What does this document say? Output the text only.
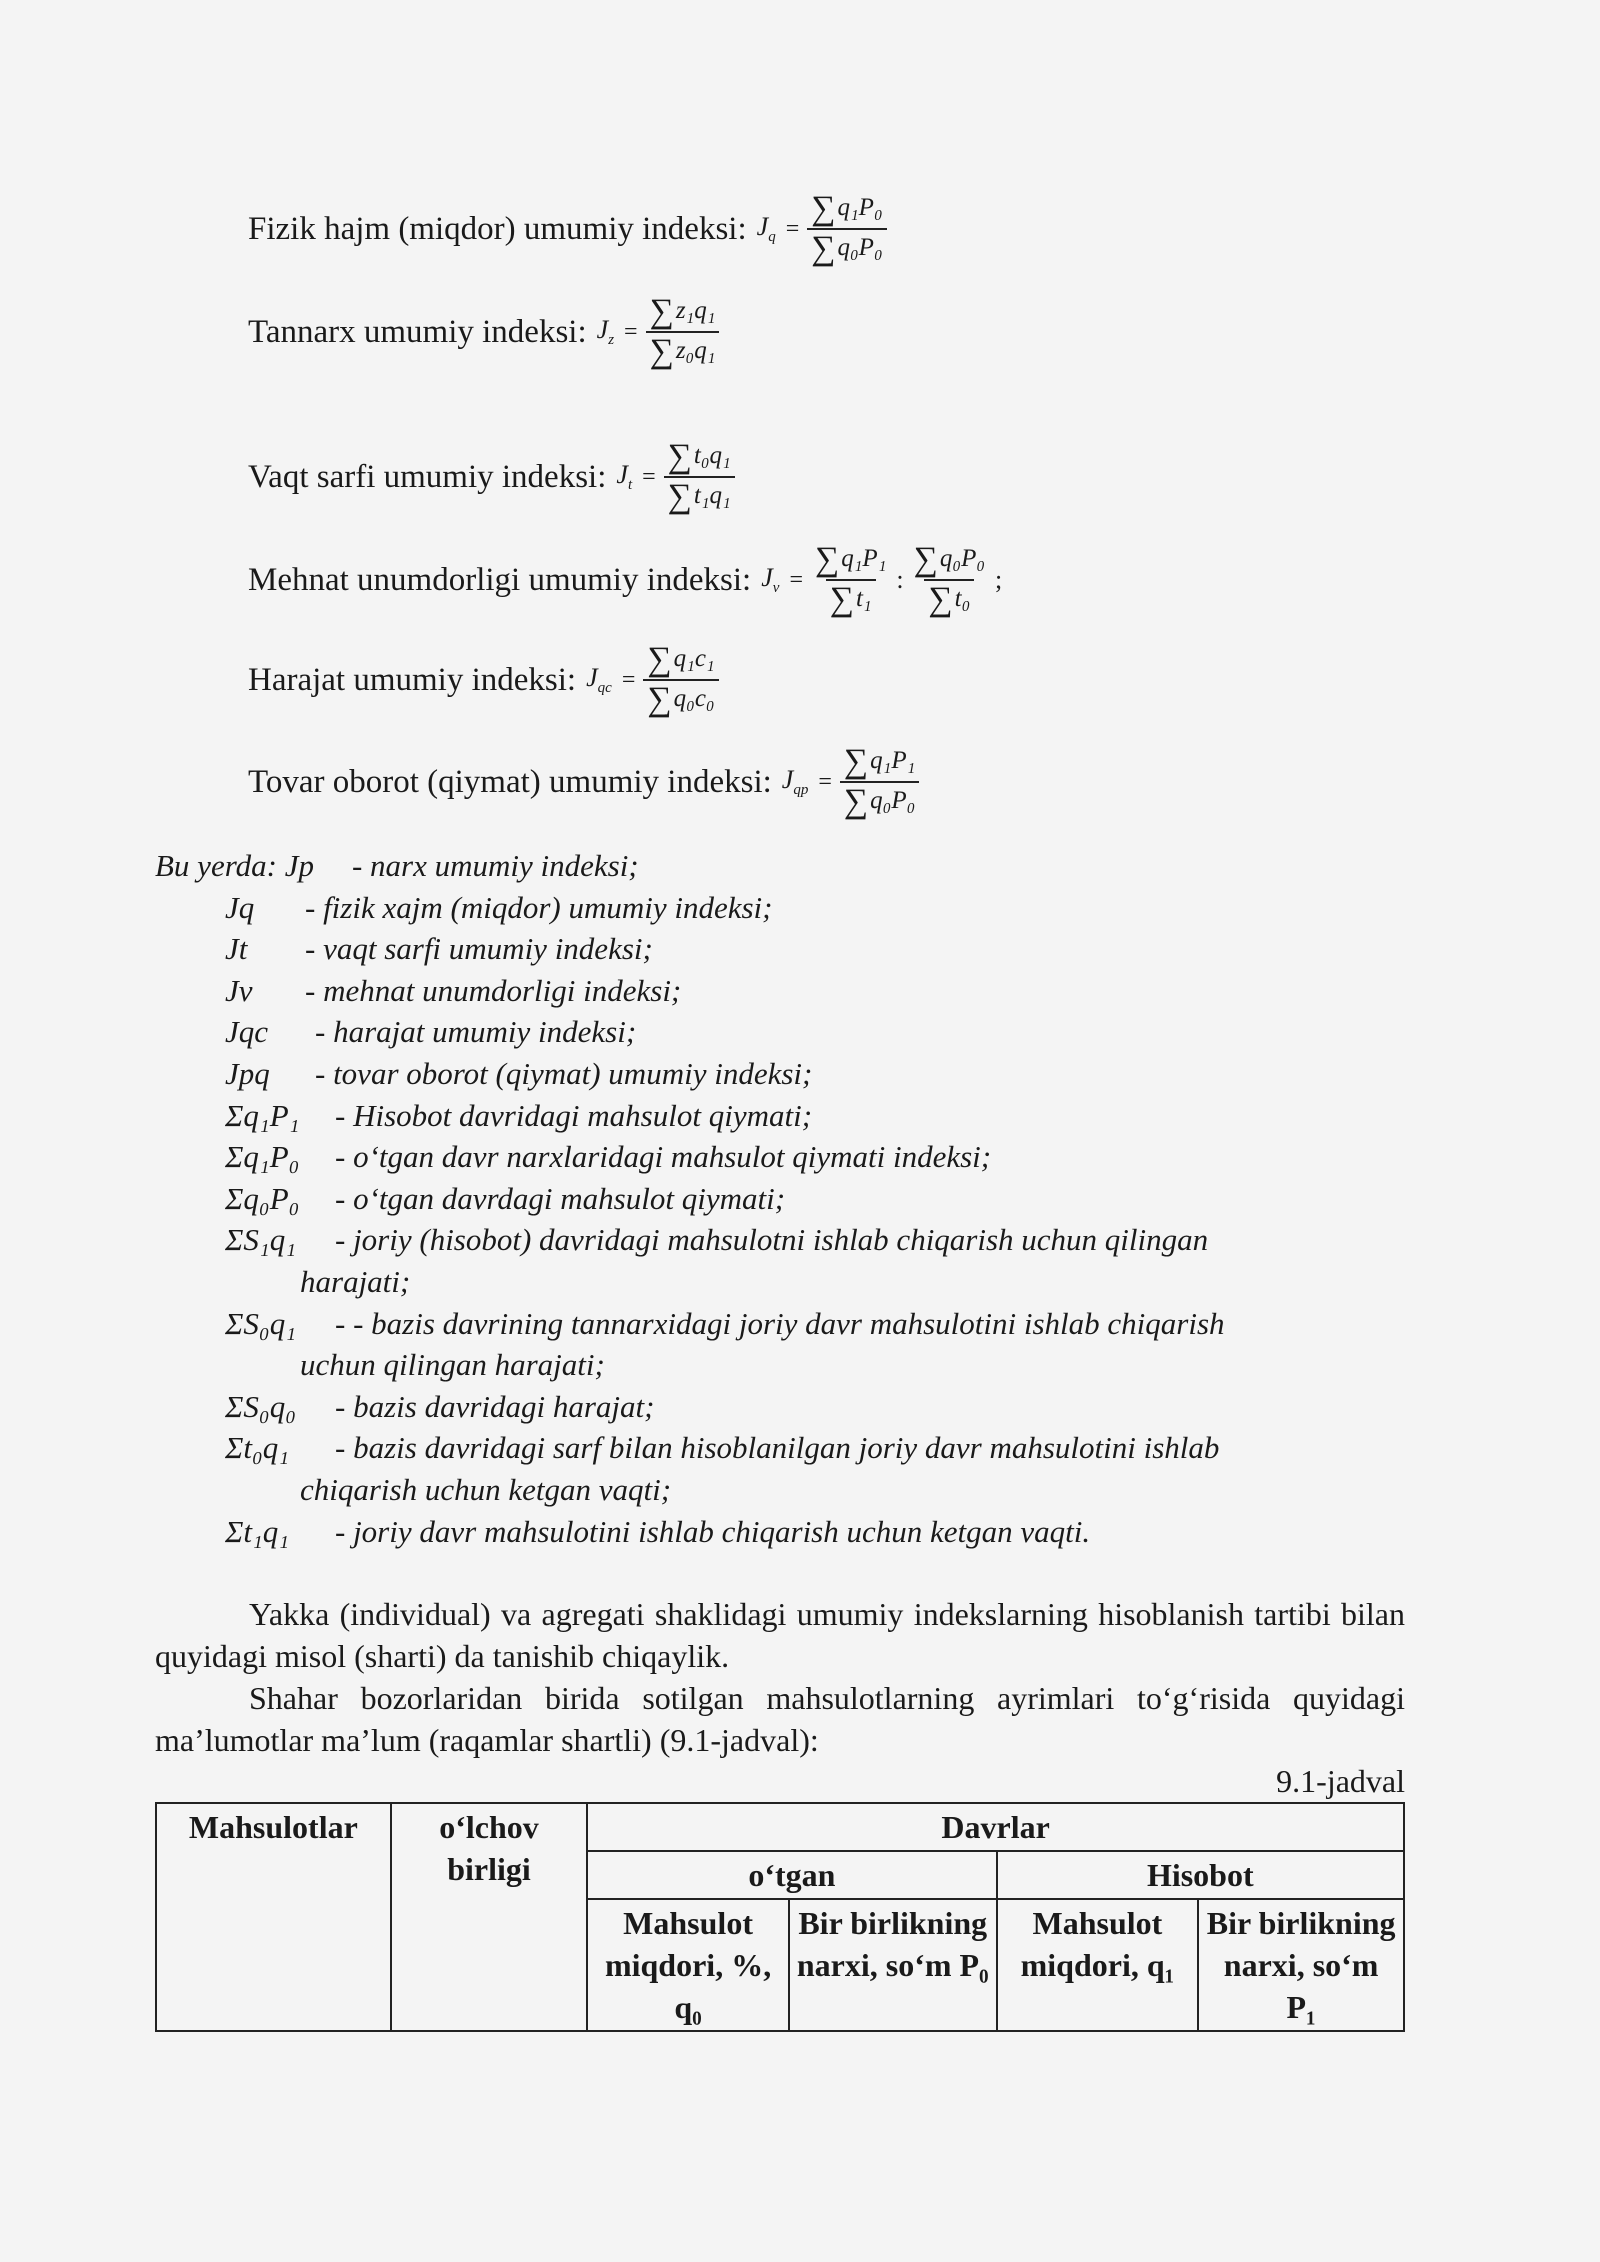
Fizik hajm (miqdor) umumiy indeksi: $J_q = \frac{\text{∑q₁P₀}}{\text{∑q₀P₀}}$
Tannarx umumiy indeksi: $J_z = \frac{\text{∑z₁q₁}}{\text{∑z₀q₁}}$
Vaqt sarfi umumiy indeksi: $J_t = \frac{\text{∑t₀q₁}}{\text{∑t₁q₁}}$
Mehnat unumdorligi umumiy indeksi: $J_v = \frac{\text{∑q₁P₁}}{\text{∑t₁}}$ : $\frac{\text{∑q₀P₀}}{\text{∑t₀}}$ ;
Harajat umumiy indeksi: $J_{qc} = \frac{\text{∑q₁c₁}}{\text{∑q₀c₀}}$
Tovar oborot (qiymat) umumiy indeksi: $J_{qp} = \frac{\text{∑q₁P₁}}{\text{∑q₀P₀}}$
Bu yerda: Jp - narx umumiy indeksi;
Jq	- fizik xajm (miqdor) umumiy indeksi;
Jt	- vaqt sarfi umumiy indeksi;
Jv	- mehnat unumdorligi indeksi;
Jqc	- harajat umumiy indeksi;
Jpq	- tovar oborot (qiymat) umumiy indeksi;
Σq₁P₁	- Hisobot davridagi mahsulot qiymati;
Σq₁P₀	- o‘tgan davr narxlaridagi mahsulot qiymati indeksi;
Σq₀P₀	- o‘tgan davrdagi mahsulot qiymati;
ΣS₁q₁	- joriy (hisobot) davridagi mahsulotni ishlab chiqarish uchun qilingan
harajati;
ΣS₀q₁	- - bazis davrining tannarxidagi joriy davr mahsulotini ishlab chiqarish
uchun qilingan harajati;
ΣS₀q₀	- bazis davridagi harajat;
Σt₀q₁	- bazis davridagi sarf bilan hisoblanilgan joriy davr mahsulotini ishlab
chiqarish uchun ketgan vaqti;
Σt₁q₁	- joriy davr mahsulotini ishlab chiqarish uchun ketgan vaqti.
Yakka (individual) va agregati shaklidagi umumiy indekslarning hisoblanish tartibi bilan quyidagi misol (sharti) da tanishib chiqaylik.
Shahar bozorlaridan birida sotilgan mahsulotlarning ayrimlari to‘g‘risida quyidagi ma’lumotlar ma’lum (raqamlar shartli) (9.1-jadval):
9.1-jadval
Mahsulotlar	o‘lchov birligi	Davrlar			
		o‘tgan		Hisobot	
		Mahsulot miqdori, %, q₀	Bir birlikning narxi, so‘m P₀	Mahsulot miqdori, q₁	Bir birlikning narxi, so‘m P₁
